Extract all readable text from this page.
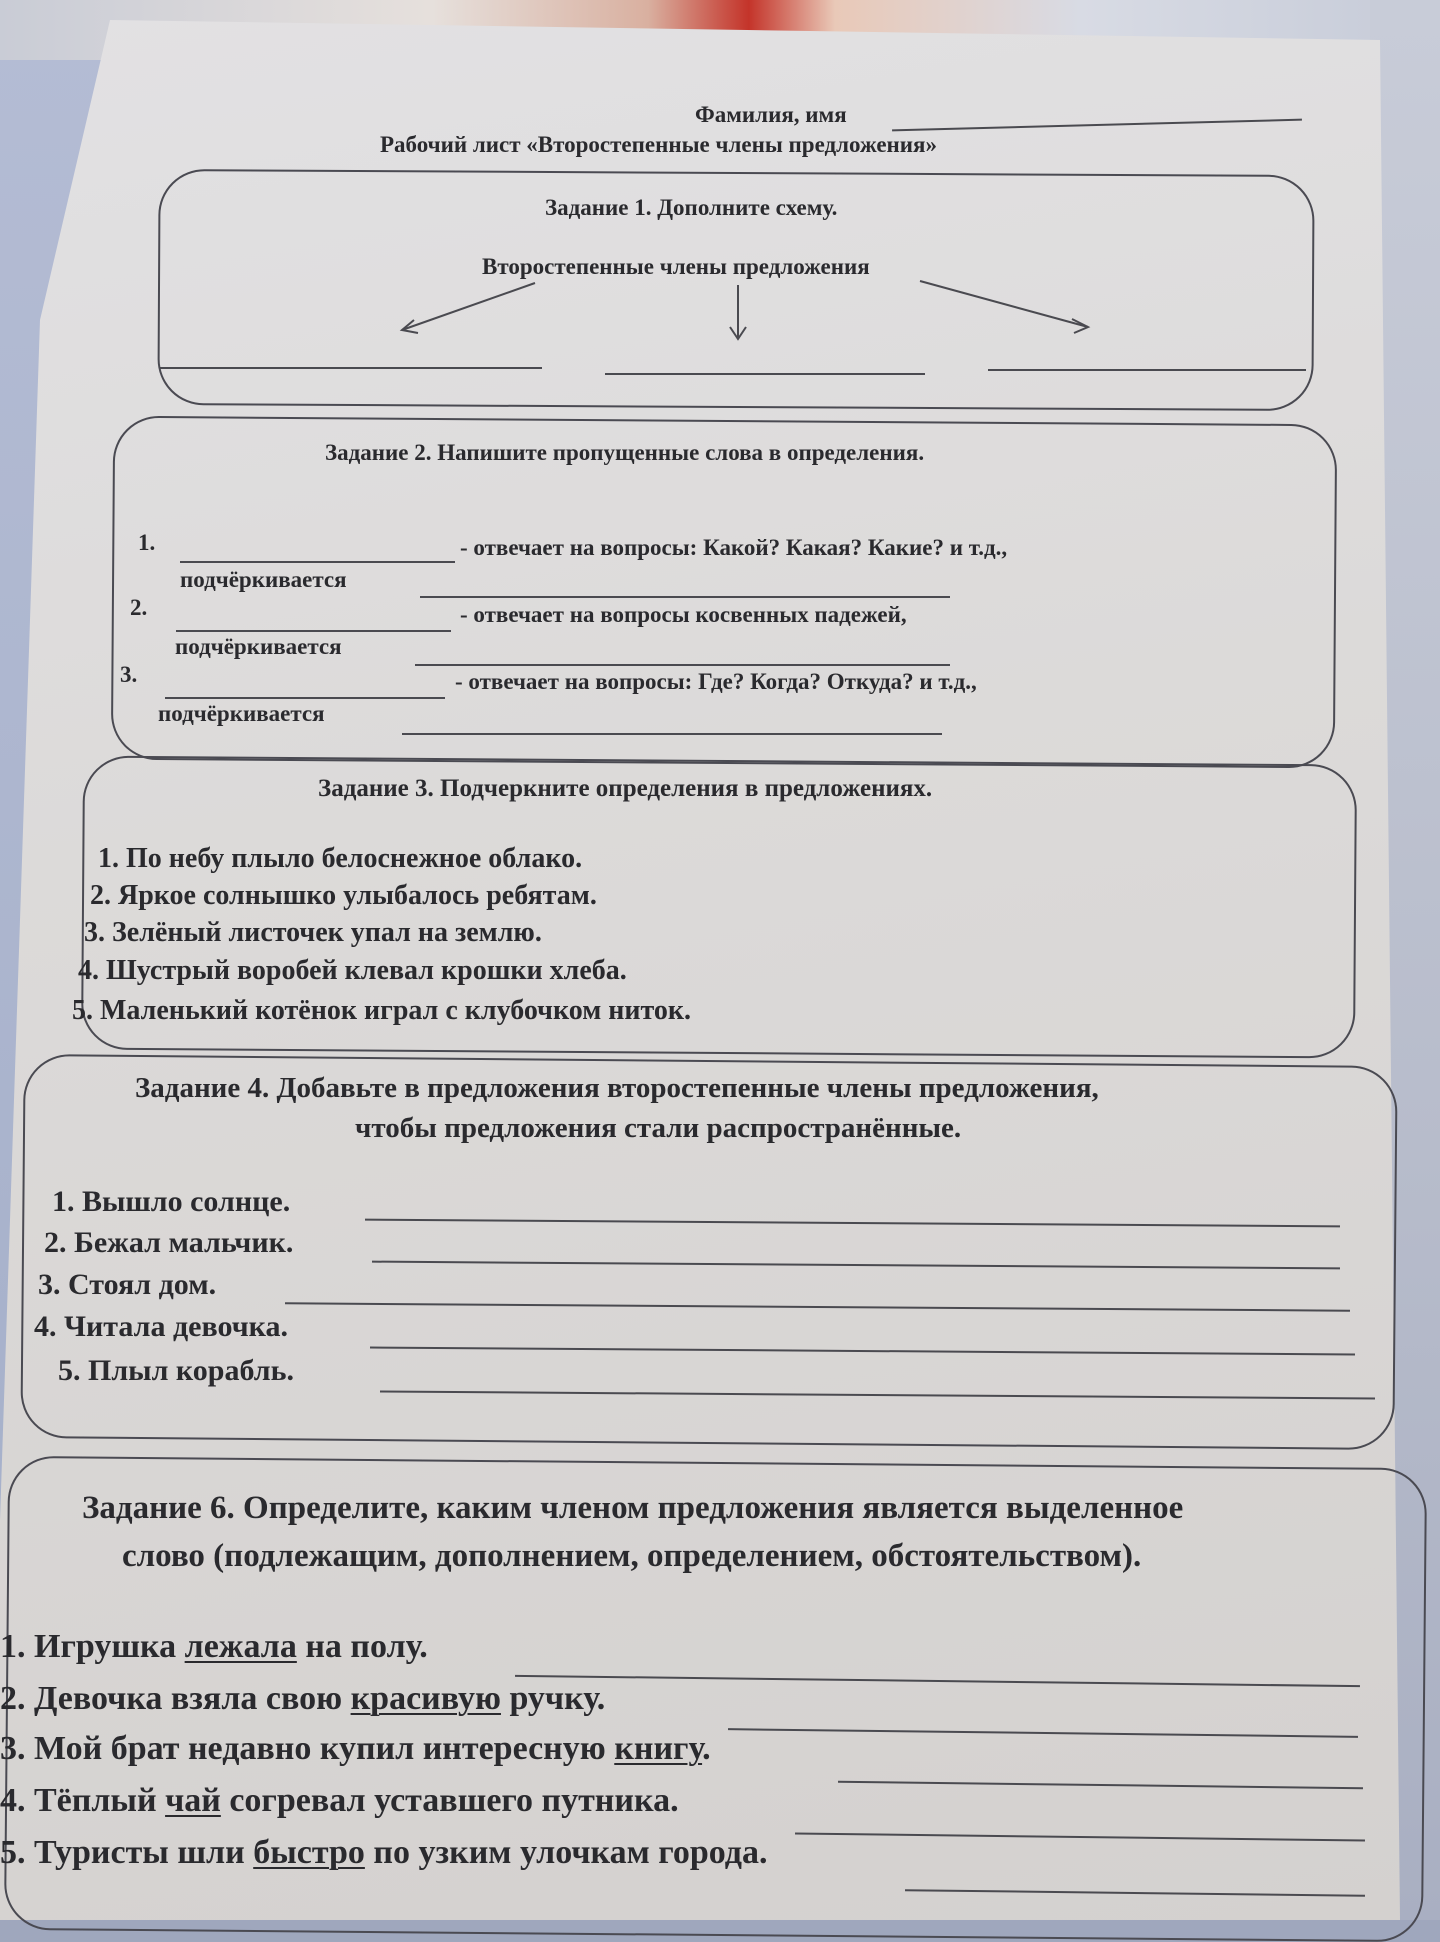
Фамилия, имя
Рабочий лист «Второстепенные члены предложения»
Задание 1. Дополните схему.
Второстепенные члены предложения
Задание 2. Напишите пропущенные слова в определения.
1.	- отвечает на вопросы: Какой? Какая? Какие? и т.д.,
подчёркивается
2.	- отвечает на вопросы косвенных падежей,
подчёркивается
3.	- отвечает на вопросы: Где? Когда? Откуда? и т.д.,
подчёркивается
Задание 3. Подчеркните определения в предложениях.
1. По небу плыло белоснежное облако.
2. Яркое солнышко улыбалось ребятам.
3. Зелёный листочек упал на землю.
4. Шустрый воробей клевал крошки хлеба.
5. Маленький котёнок играл с клубочком ниток.
Задание 4. Добавьте в предложения второстепенные члены предложения,
чтобы предложения стали распространённые.
1. Вышло солнце.
2. Бежал мальчик.
3. Стоял дом.
4. Читала девочка.
5. Плыл корабль.
Задание 6. Определите, каким членом предложения является выделенное
слово (подлежащим, дополнением, определением, обстоятельством).
1. Игрушка лежала на полу.
2. Девочка взяла свою красивую ручку.
3. Мой брат недавно купил интересную книгу.
4. Тёплый чай согревал уставшего путника.
5. Туристы шли быстро по узким улочкам города.
